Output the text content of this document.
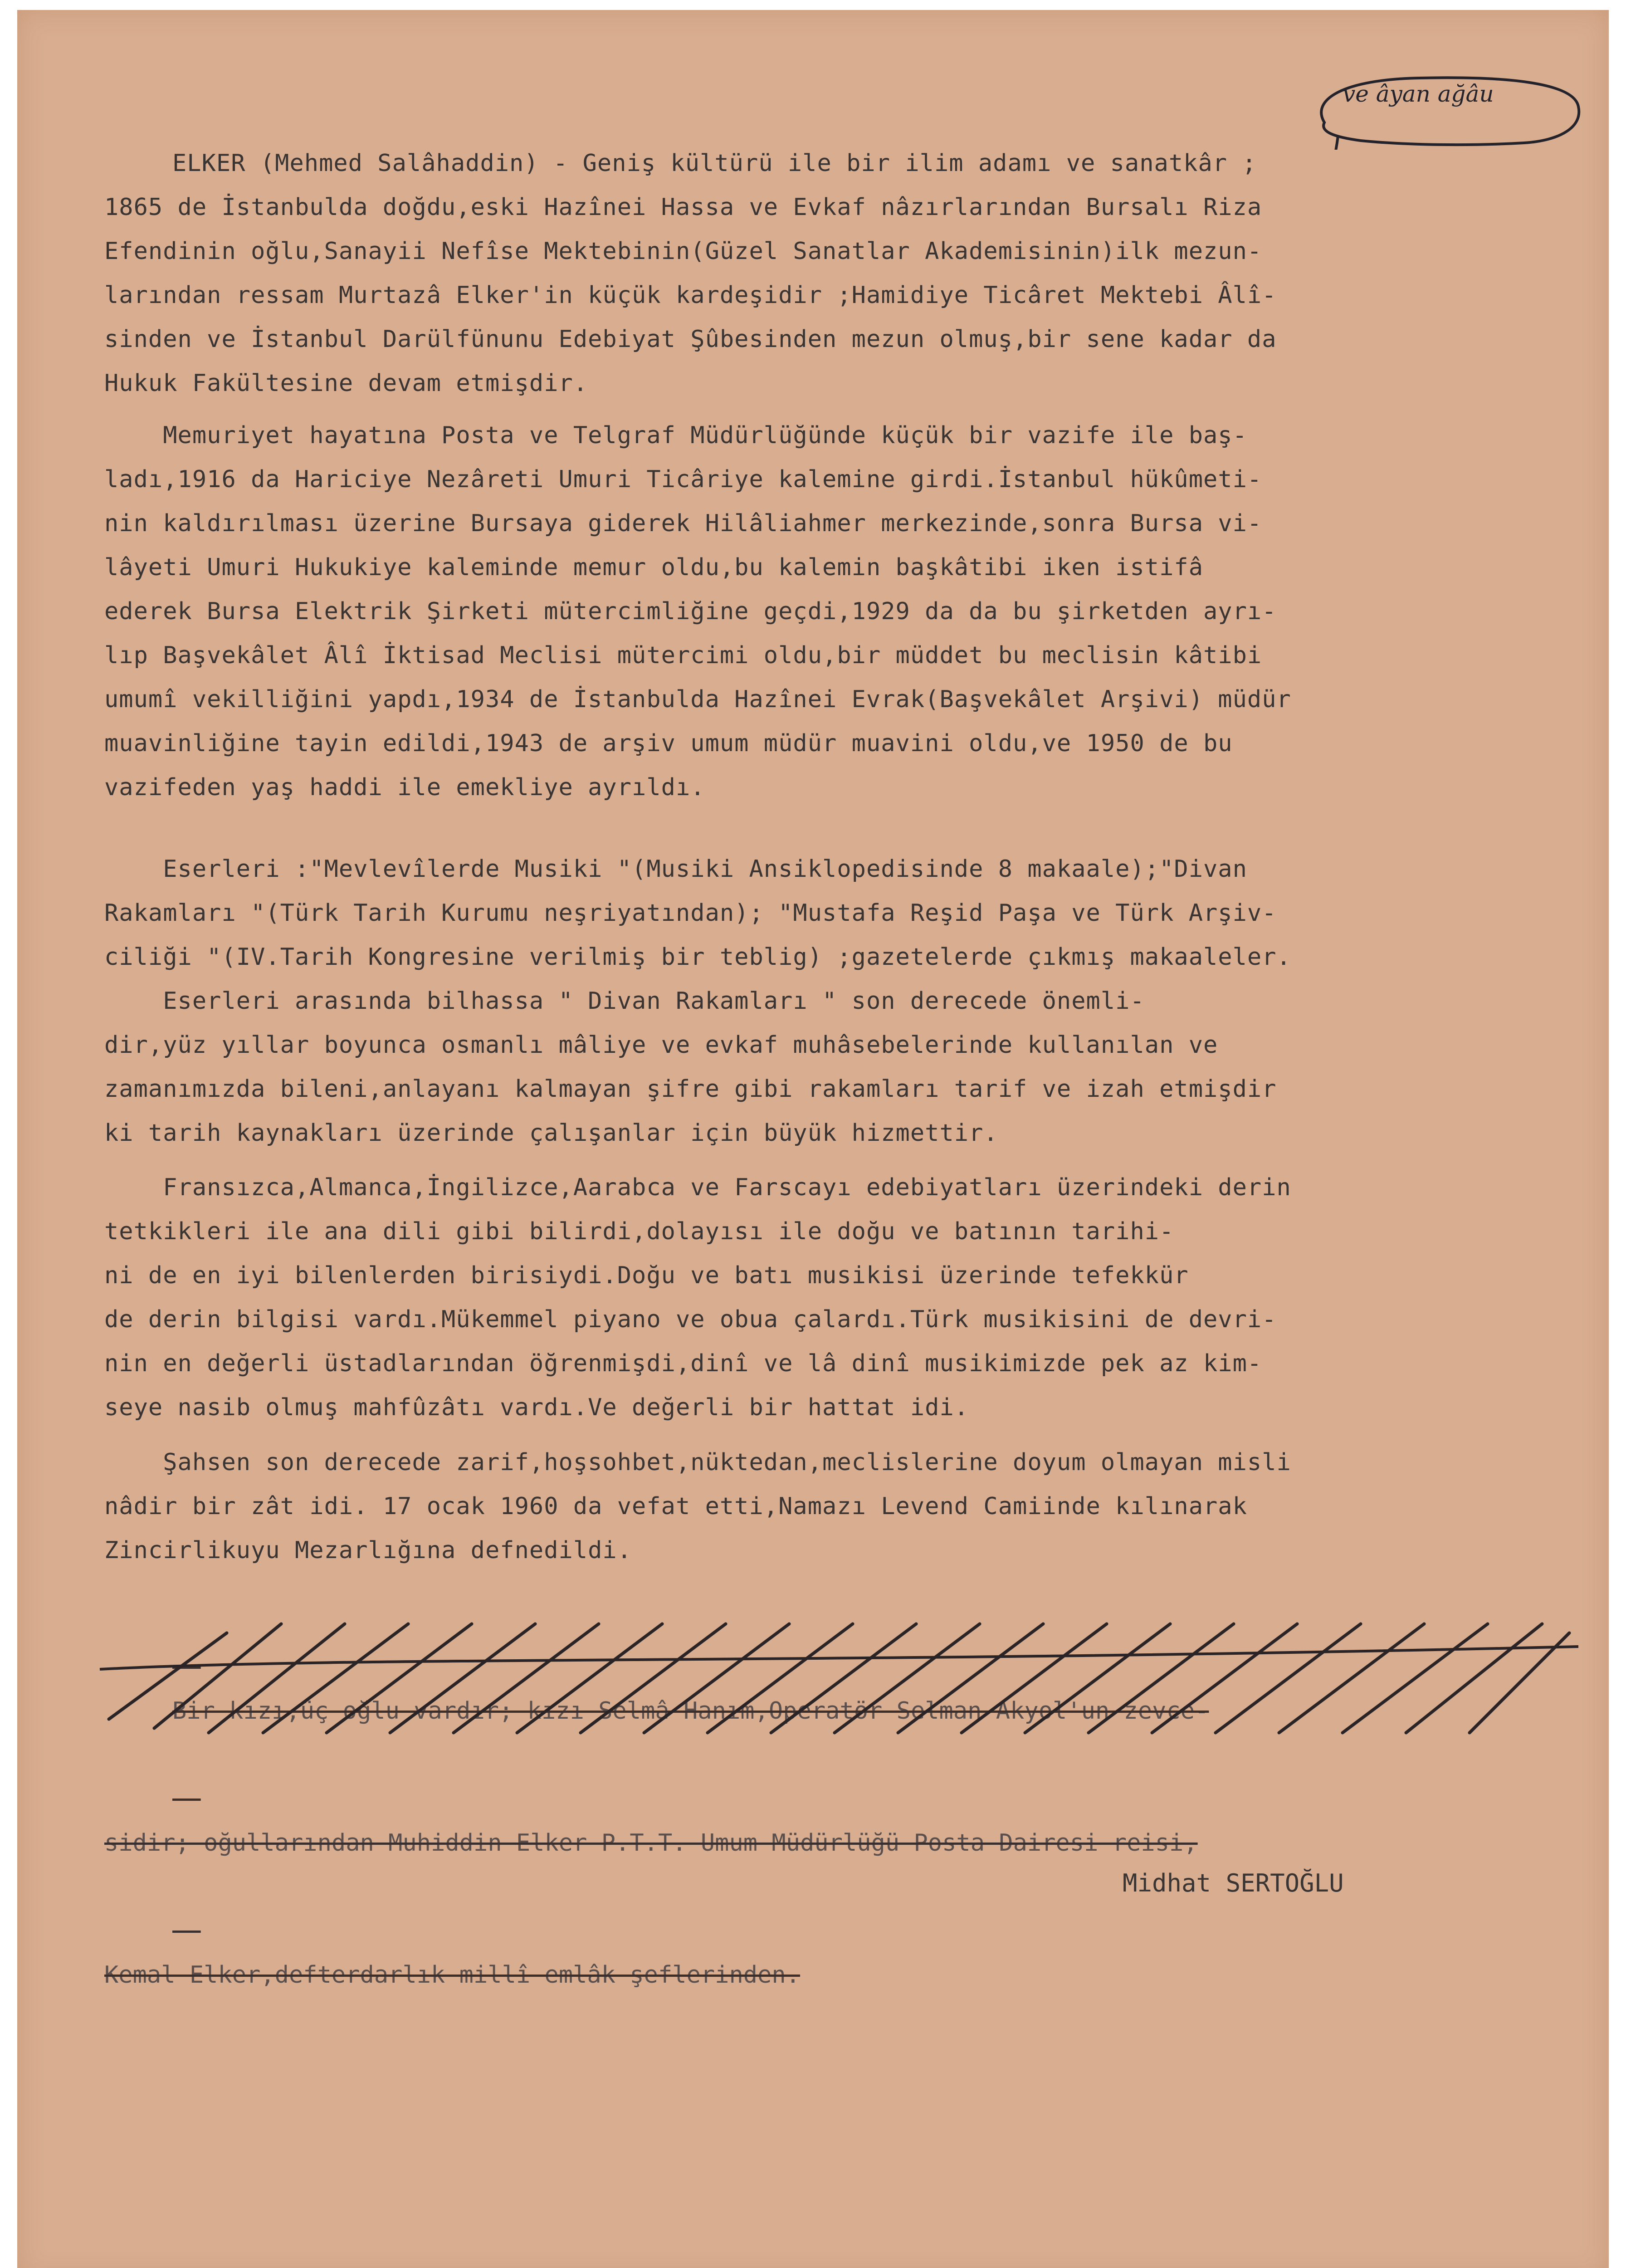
ve âyan ağâu
ELKER (Mehmed Salâhaddin) - Geniş kültürü ile bir ilim adamı ve sanatkâr ;
1865 de İstanbulda doğdu,eski Hazînei Hassa ve Evkaf nâzırlarından Bursalı Riza
Efendinin oğlu,Sanayii Nefîse Mektebinin(Güzel Sanatlar Akademisinin)ilk mezun-
larından ressam Murtazâ Elker'in küçük kardeşidir ;Hamidiye Ticâret Mektebi Âlî-
sinden ve İstanbul Darülfünunu Edebiyat Şûbesinden mezun olmuş,bir sene kadar da
Hukuk Fakültesine devam etmişdir.
Memuriyet hayatına Posta ve Telgraf Müdürlüğünde küçük bir vazife ile baş-
ladı,1916 da Hariciye Nezâreti Umuri Ticâriye kalemine girdi.İstanbul hükûmeti-
nin kaldırılması üzerine Bursaya giderek Hilâliahmer merkezinde,sonra Bursa vi-
lâyeti Umuri Hukukiye kaleminde memur oldu,bu kalemin başkâtibi iken istifâ
ederek Bursa Elektrik Şirketi mütercimliğine geçdi,1929 da da bu şirketden ayrı-
lıp Başvekâlet Âlî İktisad Meclisi mütercimi oldu,bir müddet bu meclisin kâtibi
umumî vekilliğini yapdı,1934 de İstanbulda Hazînei Evrak(Başvekâlet Arşivi) müdür
muavinliğine tayin edildi,1943 de arşiv umum müdür muavini oldu,ve 1950 de bu
vazifeden yaş haddi ile emekliye ayrıldı.
Eserleri :"Mevlevîlerde Musiki "(Musiki Ansiklopedisinde 8 makaale);"Divan
Rakamları "(Türk Tarih Kurumu neşriyatından); "Mustafa Reşid Paşa ve Türk Arşiv-
ciliği "(IV.Tarih Kongresine verilmiş bir teblig) ;gazetelerde çıkmış makaaleler.
Eserleri arasında bilhassa " Divan Rakamları " son derecede önemli-
dir,yüz yıllar boyunca osmanlı mâliye ve evkaf muhâsebelerinde kullanılan ve
zamanımızda bileni,anlayanı kalmayan şifre gibi rakamları tarif ve izah etmişdir
ki tarih kaynakları üzerinde çalışanlar için büyük hizmettir.
Fransızca,Almanca,İngilizce,Aarabca ve Farscayı edebiyatları üzerindeki derin
tetkikleri ile ana dili gibi bilirdi,dolayısı ile doğu ve batının tarihi-
ni de en iyi bilenlerden birisiydi.Doğu ve batı musikisi üzerinde tefekkür
de derin bilgisi vardı.Mükemmel piyano ve obua çalardı.Türk musikisini de devri-
nin en değerli üstadlarından öğrenmişdi,dinî ve lâ dinî musikimizde pek az kim-
seye nasib olmuş mahfûzâtı vardı.Ve değerli bir hattat idi.
Şahsen son derecede zarif,hoşsohbet,nüktedan,meclislerine doyum olmayan misli
nâdir bir zât idi. 17 ocak 1960 da vefat etti,Namazı Levend Camiinde kılınarak
Zincirlikuyu Mezarlığına defnedildi.

Bir kızı,üç oğlu vardır; kızı Selmâ Hanım,Operatör Selman Akyol'un zevce-

sidir; oğullarından Muhiddin Elker P.T.T. Umum Müdürlüğü Posta Dairesi reisi,

Kemal Elker,defterdarlık millî emlâk şeflerinden.

Midhat SERTOĞLU
